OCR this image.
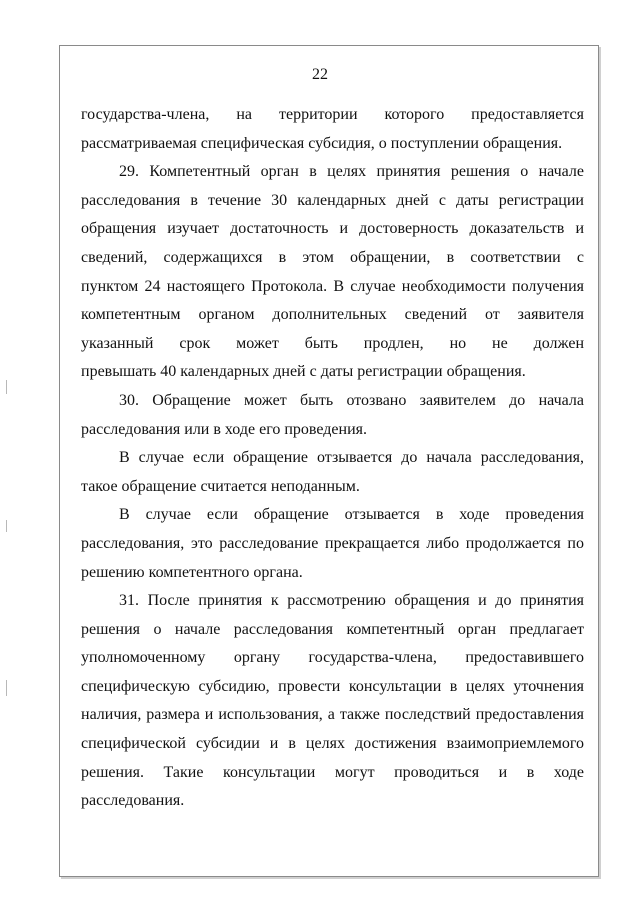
22

государства-члена, на территории которого предоставляется
рассматриваемая специфическая субсидия, о поступлении обращения.

29. Компетентный орган в целях принятия решения о начале
расследования в течение 30 календарных дней с даты регистрации
обращения изучает достаточность и достоверность доказательств и
сведений, содержащихся в этом обращении, в соответствии с
пунктом 24 настоящего Протокола. В случае необходимости получения
компетентным органом дополнительных сведений от заявителя
указанный срок может быть продлен, но не должен
превышать 40 календарных дней с даты регистрации обращения.

30. Обращение может быть отозвано заявителем до начала
расследования или в ходе его проведения.

В случае если обращение отзывается до начала расследования,
такое обращение считается неподанным.

В случае если обращение отзывается в ходе проведения
расследования, это расследование прекращается либо продолжается по
решению компетентного органа.

31. После принятия к рассмотрению обращения и до принятия
решения о начале расследования компетентный орган предлагает
уполномоченному органу государства-члена, предоставившего
специфическую субсидию, провести консультации в целях уточнения
наличия, размера и использования, а также последствий предоставления
специфической субсидии и в целях достижения взаимоприемлемого
решения. Такие консультации могут проводиться и в ходе
расследования.
